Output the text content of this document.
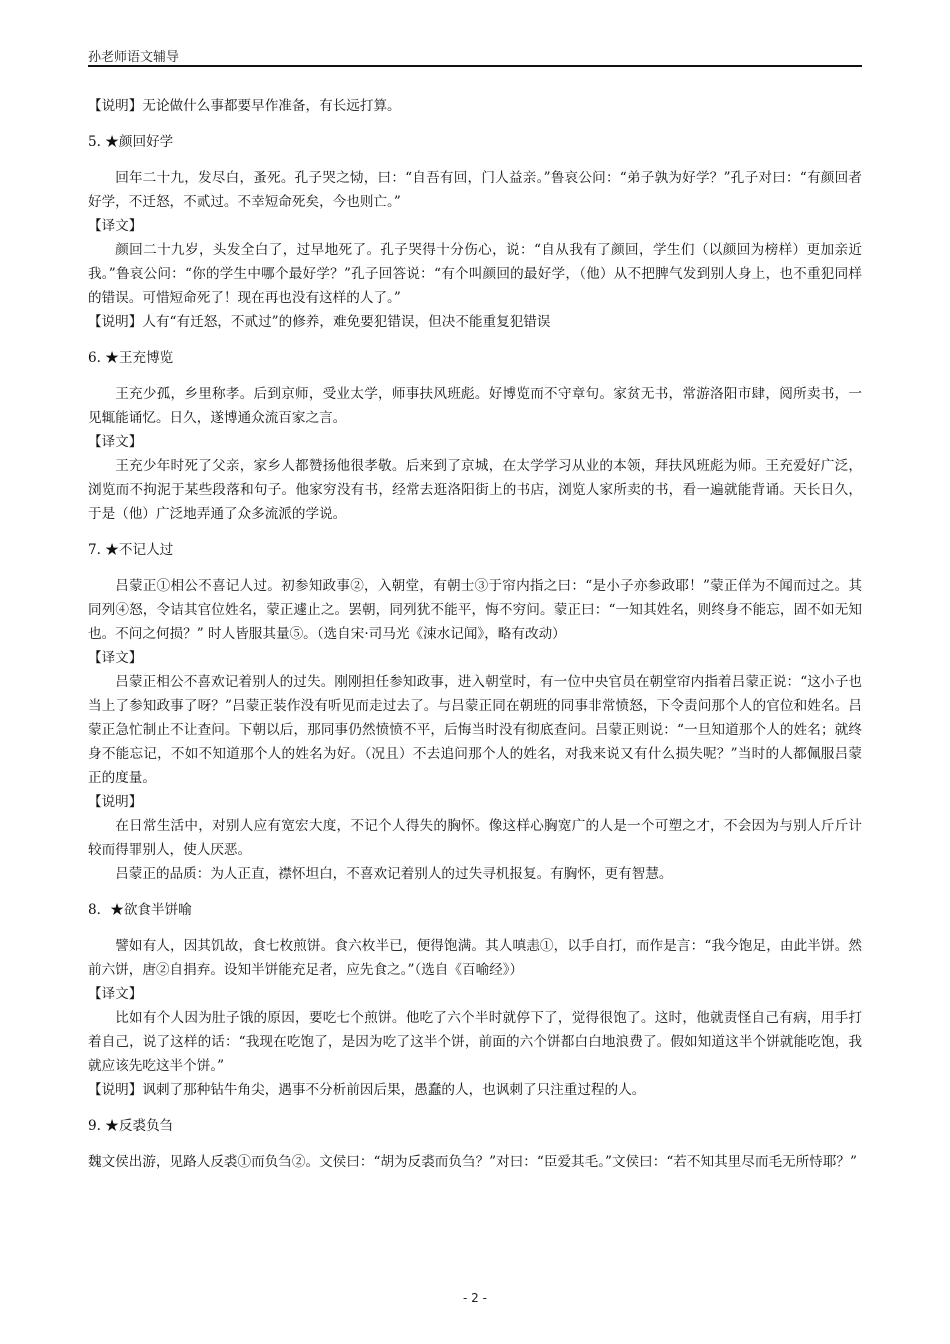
孙老师语文辅导

【说明】无论做什么事都要早作准备，有长远打算。

5. ★颜回好学

回年二十九，发尽白，蚤死。孔子哭之恸，曰：“自吾有回，门人益亲。”鲁哀公问：“弟子孰为好学？”孔子对曰：“有颜回者好学，不迁怒，不贰过。不幸短命死矣，今也则亡。”

【译文】

颜回二十九岁，头发全白了，过早地死了。孔子哭得十分伤心，说：“自从我有了颜回，学生们（以颜回为榜样）更加亲近我。”鲁哀公问：“你的学生中哪个最好学？”孔子回答说：“有个叫颜回的最好学，（他）从不把脾气发到别人身上，也不重犯同样的错误。可惜短命死了！现在再也没有这样的人了。”

【说明】人有“有迁怒，不贰过”的修养，难免要犯错误，但决不能重复犯错误

6. ★王充博览

王充少孤，乡里称孝。后到京师，受业太学，师事扶风班彪。好博览而不守章句。家贫无书，常游洛阳市肆，阅所卖书，一见辄能诵忆。日久，遂博通众流百家之言。

【译文】

王充少年时死了父亲，家乡人都赞扬他很孝敬。后来到了京城，在太学学习从业的本领，拜扶风班彪为师。王充爱好广泛，浏览而不拘泥于某些段落和句子。他家穷没有书，经常去逛洛阳街上的书店，浏览人家所卖的书，看一遍就能背诵。天长日久，于是（他）广泛地弄通了众多流派的学说。

7. ★不记人过

吕蒙正①相公不喜记人过。初参知政事②，入朝堂，有朝士③于帘内指之曰：“是小子亦参政耶！”蒙正佯为不闻而过之。其同列④怒，令诘其官位姓名，蒙正遽止之。罢朝，同列犹不能平，悔不穷问。蒙正曰：“一知其姓名，则终身不能忘，固不如无知也。不问之何损？” 时人皆服其量⑤。（选自宋·司马光《涑水记闻》，略有改动）

【译文】

吕蒙正相公不喜欢记着别人的过失。刚刚担任参知政事，进入朝堂时，有一位中央官员在朝堂帘内指着吕蒙正说：“这小子也当上了参知政事了呀？”吕蒙正装作没有听见而走过去了。与吕蒙正同在朝班的同事非常愤怒，下令责问那个人的官位和姓名。吕蒙正急忙制止不让查问。下朝以后，那同事仍然愤愤不平，后悔当时没有彻底查问。吕蒙正则说：“一旦知道那个人的姓名；就终身不能忘记，不如不知道那个人的姓名为好。（况且）不去追问那个人的姓名，对我来说又有什么损失呢？”当时的人都佩服吕蒙正的度量。

【说明】

在日常生活中，对别人应有宽宏大度，不记个人得失的胸怀。像这样心胸宽广的人是一个可塑之才，不会因为与别人斤斤计较而得罪别人，使人厌恶。

吕蒙正的品质：为人正直，襟怀坦白，不喜欢记着别人的过失寻机报复。有胸怀，更有智慧。

8．★欲食半饼喻

譬如有人，因其饥故，食七枚煎饼。食六枚半已，便得饱满。其人嗔恚①，以手自打，而作是言：“我今饱足，由此半饼。然前六饼，唐②自捐弃。设知半饼能充足者，应先食之。”（选自《百喻经》）

【译文】

比如有个人因为肚子饿的原因，要吃七个煎饼。他吃了六个半时就停下了，觉得很饱了。这时，他就责怪自己有病，用手打着自己，说了这样的话：“我现在吃饱了，是因为吃了这半个饼，前面的六个饼都白白地浪费了。假如知道这半个饼就能吃饱，我就应该先吃这半个饼。”

【说明】讽刺了那种钻牛角尖，遇事不分析前因后果，愚蠢的人，也讽刺了只注重过程的人。

9. ★反裘负刍

魏文侯出游，见路人反裘①而负刍②。文侯曰：“胡为反裘而负刍？”对曰：“臣爱其毛。”文侯曰：“若不知其里尽而毛无所恃耶？”

- 2 -
